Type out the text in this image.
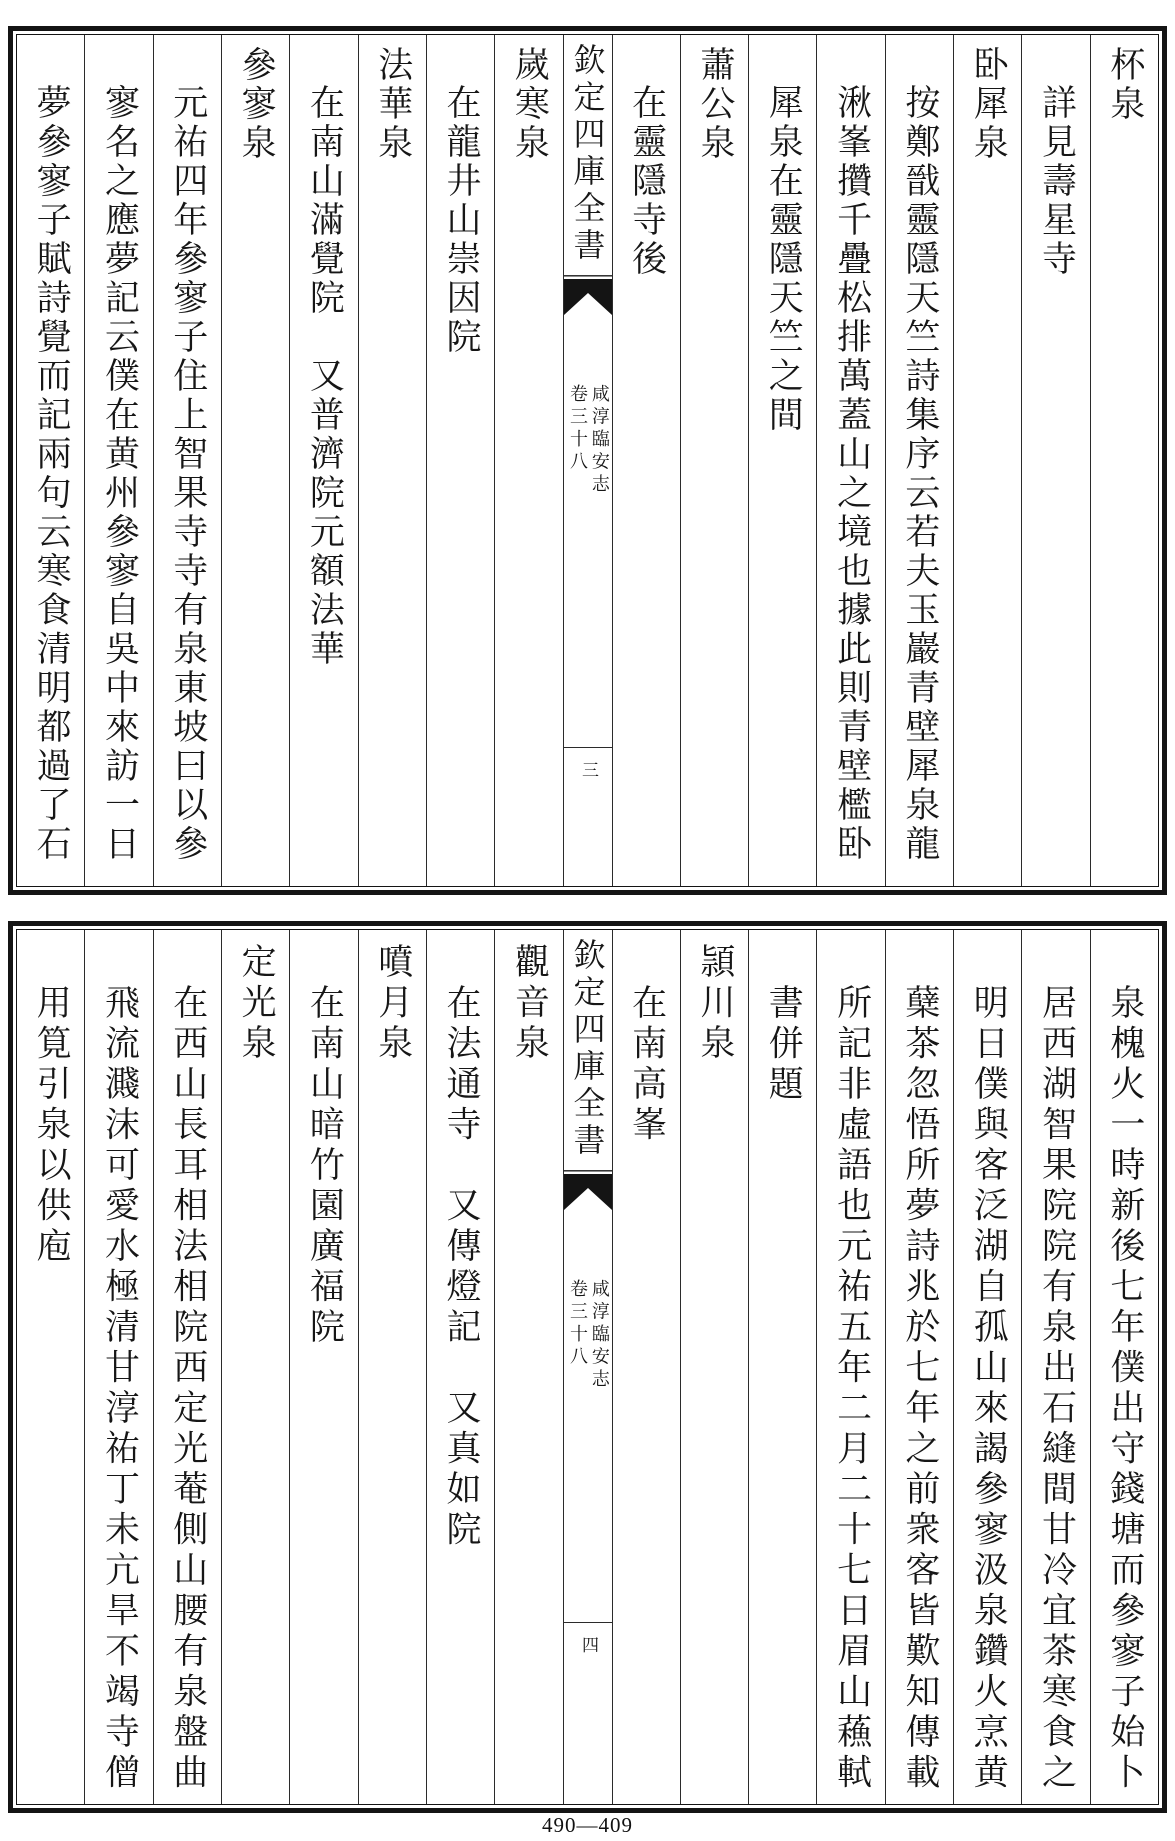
杯泉
詳見壽星寺
卧犀泉
按鄭戩靈隱天竺詩集序云若夫玉巖青壁犀泉龍
湫峯攢千疊松排萬蓋山之境也據此則青壁檻卧
犀泉在靈隱天竺之間
蕭公泉
在靈隱寺後
欽定四庫全書
咸淳臨安志
卷三十八
三
嵗寒泉
在龍井山崇因院
法華泉
在南山滿覺院　又普濟院元額法華
參寥泉
元祐四年參寥子住上智果寺寺有泉東坡曰以參
寥名之應夢記云僕在黄州參寥自吳中來訪一日
夢參寥子賦詩覺而記兩句云寒食清明都過了石
泉槐火一時新後七年僕出守錢塘而參寥子始卜
居西湖智果院院有泉出石縫間甘冷宜茶寒食之
明日僕與客泛湖自孤山來謁參寥汲泉鑽火烹黄
蘖茶忽悟所夢詩兆於七年之前衆客皆歎知傳載
所記非虛語也元祐五年二月二十七日眉山蘓軾
書併題
頴川泉
在南高峯
欽定四庫全書
咸淳臨安志
卷三十八
四
觀音泉
在法通寺　又傳燈記　又真如院
噴月泉
在南山暗竹園廣福院
定光泉
在西山長耳相法相院西定光菴側山腰有泉盤曲
飛流濺沫可愛水極清甘淳祐丁未亢旱不竭寺僧
用筧引泉以供庖
490—409
